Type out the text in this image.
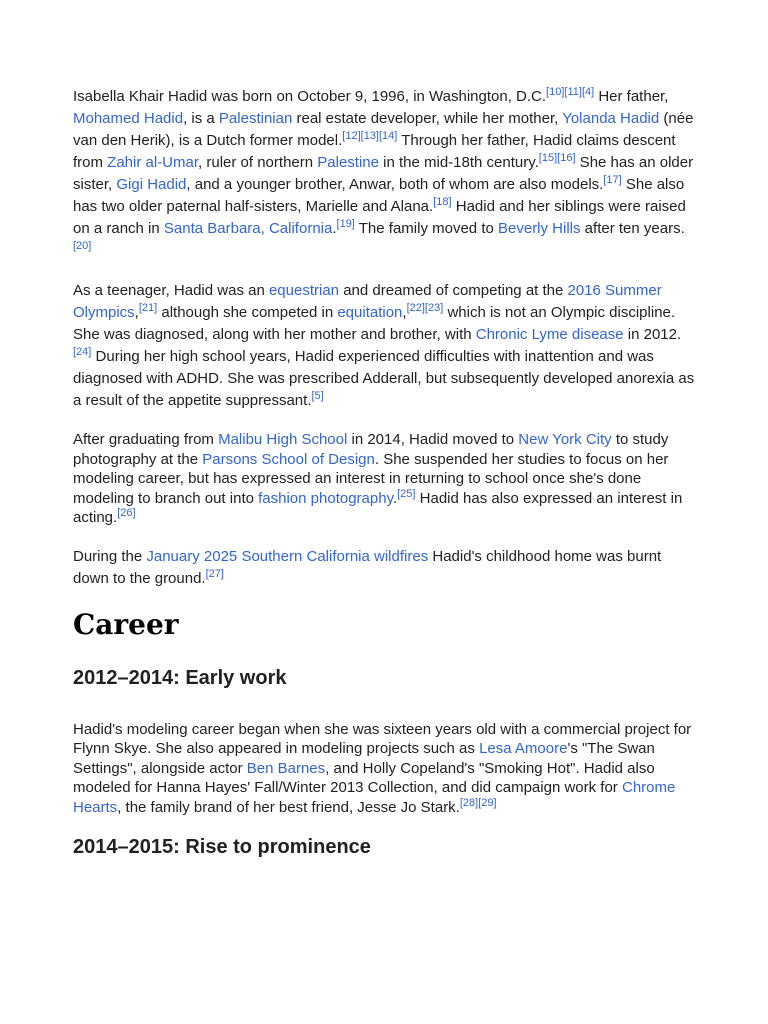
Isabella Khair Hadid was born on October 9, 1996, in Washington, D.C.[10][11][4] Her father, Mohamed Hadid, is a Palestinian real estate developer, while her mother, Yolanda Hadid (née van den Herik), is a Dutch former model.[12][13][14] Through her father, Hadid claims descent from Zahir al-Umar, ruler of northern Palestine in the mid-18th century.[15][16] She has an older sister, Gigi Hadid, and a younger brother, Anwar, both of whom are also models.[17] She also has two older paternal half-sisters, Marielle and Alana.[18] Hadid and her siblings were raised on a ranch in Santa Barbara, California.[19] The family moved to Beverly Hills after ten years.[20]

As a teenager, Hadid was an equestrian and dreamed of competing at the 2016 Summer Olympics,[21] although she competed in equitation,[22][23] which is not an Olympic discipline. She was diagnosed, along with her mother and brother, with Chronic Lyme disease in 2012.[24] During her high school years, Hadid experienced difficulties with inattention and was diagnosed with ADHD. She was prescribed Adderall, but subsequently developed anorexia as a result of the appetite suppressant.[5]

After graduating from Malibu High School in 2014, Hadid moved to New York City to study photography at the Parsons School of Design. She suspended her studies to focus on her modeling career, but has expressed an interest in returning to school once she's done modeling to branch out into fashion photography.[25] Hadid has also expressed an interest in acting.[26]

During the January 2025 Southern California wildfires Hadid's childhood home was burnt down to the ground.[27]

Career
2012–2014: Early work

Hadid's modeling career began when she was sixteen years old with a commercial project for Flynn Skye. She also appeared in modeling projects such as Lesa Amoore's "The Swan Settings", alongside actor Ben Barnes, and Holly Copeland's "Smoking Hot". Hadid also modeled for Hanna Hayes' Fall/Winter 2013 Collection, and did campaign work for Chrome Hearts, the family brand of her best friend, Jesse Jo Stark.[28][29]

2014–2015: Rise to prominence
